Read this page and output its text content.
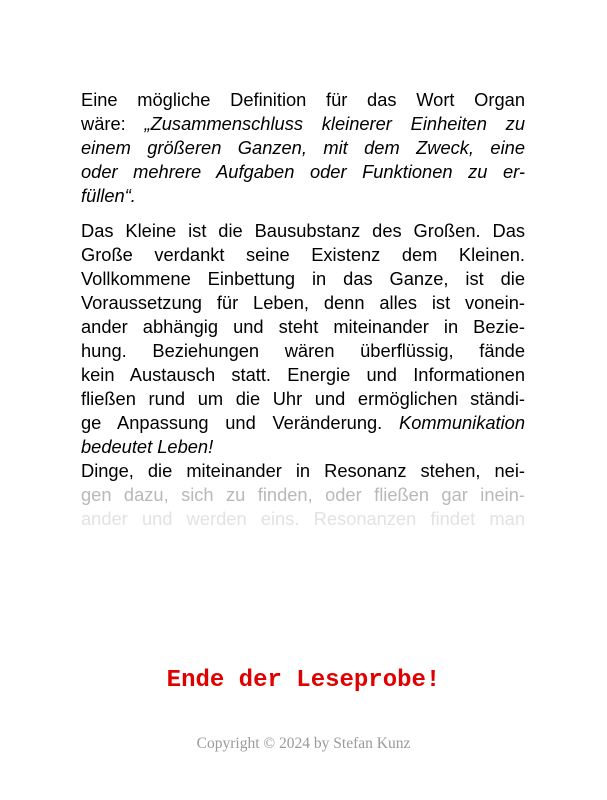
Eine mögliche Definition für das Wort Organ
wäre: „Zusammenschluss kleinerer Einheiten zu
einem größeren Ganzen, mit dem Zweck, eine
oder mehrere Aufgaben oder Funktionen zu er-
füllen“.
Das Kleine ist die Bausubstanz des Großen. Das
Große verdankt seine Existenz dem Kleinen.
Vollkommene Einbettung in das Ganze, ist die
Voraussetzung für Leben, denn alles ist vonein-
ander abhängig und steht miteinander in Bezie-
hung. Beziehungen wären überflüssig, fände
kein Austausch statt. Energie und Informationen
fließen rund um die Uhr und ermöglichen ständi-
ge Anpassung und Veränderung. Kommunikation
bedeutet Leben!
Dinge, die miteinander in Resonanz stehen, nei-
gen dazu, sich zu finden, oder fließen gar inein-
ander und werden eins. Resonanzen findet man
Ende der Leseprobe!
Copyright © 2024 by Stefan Kunz
